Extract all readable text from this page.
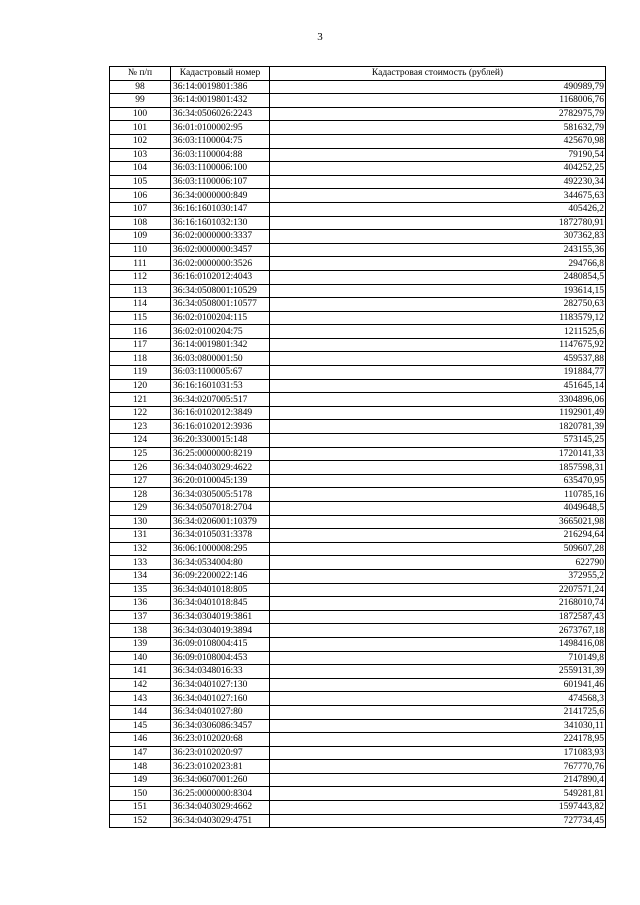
3
№ п/п	Кадастровый номер	Кадастровая стоимость (рублей)
98	36:14:0019801:386	490989,79
99	36:14:0019801:432	1168006,76
100	36:34:0506026:2243	2782975,79
101	36:01:0100002:95	581632,79
102	36:03:1100004:75	425670,98
103	36:03:1100004:88	79190,54
104	36:03:1100006:100	404252,25
105	36:03:1100006:107	492230,34
106	36:34:0000000:849	344675,63
107	36:16:1601030:147	405426,2
108	36:16:1601032:130	1872780,91
109	36:02:0000000:3337	307362,83
110	36:02:0000000:3457	243155,36
111	36:02:0000000:3526	294766,8
112	36:16:0102012:4043	2480854,5
113	36:34:0508001:10529	193614,15
114	36:34:0508001:10577	282750,63
115	36:02:0100204:115	1183579,12
116	36:02:0100204:75	1211525,6
117	36:14:0019801:342	1147675,92
118	36:03:0800001:50	459537,88
119	36:03:1100005:67	191884,77
120	36:16:1601031:53	451645,14
121	36:34:0207005:517	3304896,06
122	36:16:0102012:3849	1192901,49
123	36:16:0102012:3936	1820781,39
124	36:20:3300015:148	573145,25
125	36:25:0000000:8219	1720141,33
126	36:34:0403029:4622	1857598,31
127	36:20:0100045:139	635470,95
128	36:34:0305005:5178	110785,16
129	36:34:0507018:2704	4049648,5
130	36:34:0206001:10379	3665021,98
131	36:34:0105031:3378	216294,64
132	36:06:1000008:295	509607,28
133	36:34:0534004:80	622790
134	36:09:2200022:146	372955,2
135	36:34:0401018:805	2207571,24
136	36:34:0401018:845	2168010,74
137	36:34:0304019:3861	1872587,43
138	36:34:0304019:3894	2673767,18
139	36:09:0108004:415	1498416,08
140	36:09:0108004:453	710149,8
141	36:34:0348016:33	2559131,39
142	36:34:0401027:130	601941,46
143	36:34:0401027:160	474568,3
144	36:34:0401027:80	2141725,6
145	36:34:0306086:3457	341030,11
146	36:23:0102020:68	224178,95
147	36:23:0102020:97	171083,93
148	36:23:0102023:81	767770,76
149	36:34:0607001:260	2147890,4
150	36:25:0000000:8304	549281,81
151	36:34:0403029:4662	1597443,82
152	36:34:0403029:4751	727734,45
